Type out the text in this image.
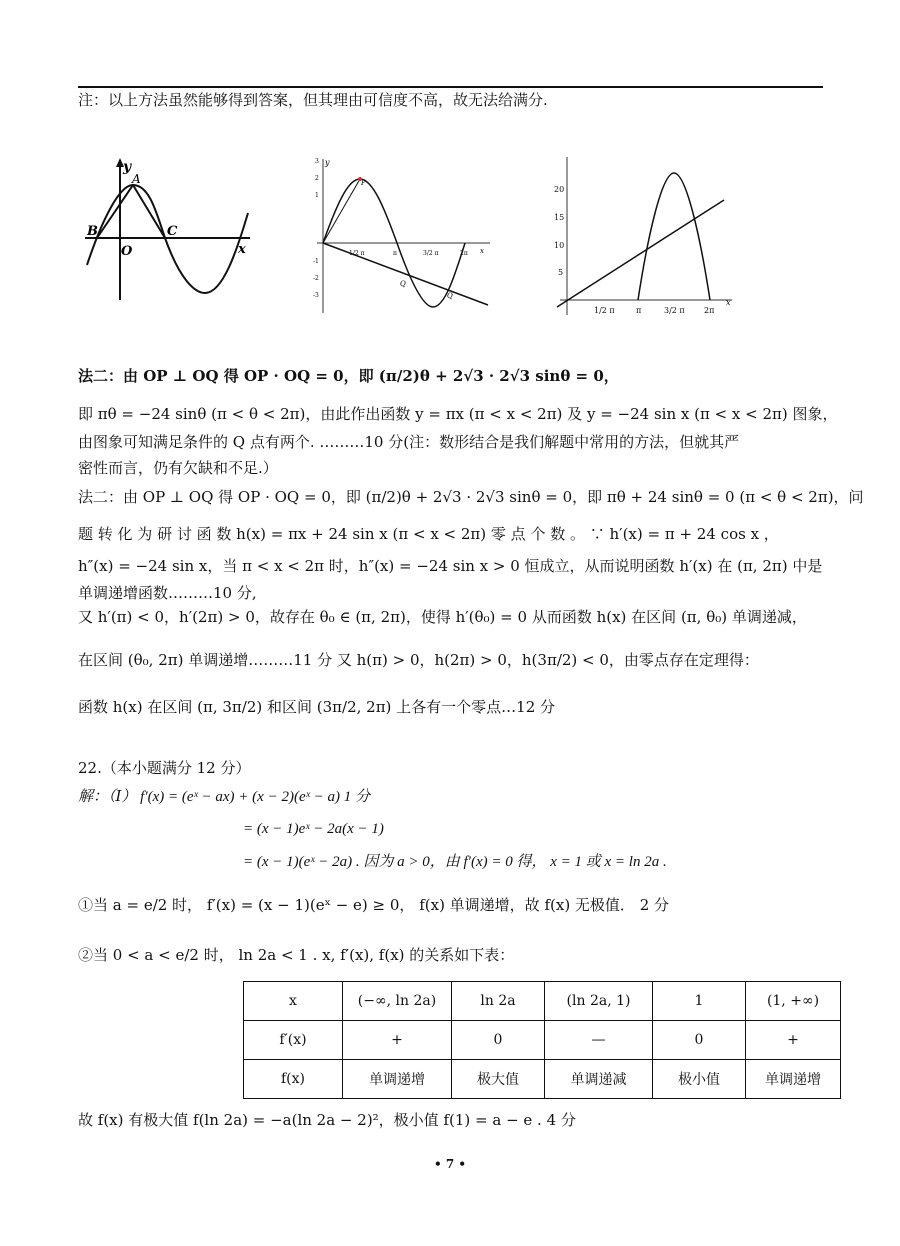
注：以上方法虽然能够得到答案，但其理由可信度不高，故无法给满分.
y
A
B
O
C
x
3
2
1
-1
-2
-3
y
P
Q
Q
x
1/2 π	π	3/2 π	2π
20
15
10
5
1/2 π	π	3/2 π 2π
x
法二：由 OP ⊥ OQ 得 OP · OQ = 0，即 (π/2)θ + 2√3 · 2√3 sinθ = 0，
即 πθ = −24 sinθ (π < θ < 2π)，由此作出函数 y = πx (π < x < 2π) 及 y = −24 sin x (π < x < 2π) 图象，
由图象可知满足条件的 Q 点有两个. ………10 分(注：数形结合是我们解题中常用的方法，但就其严
密性而言，仍有欠缺和不足.）
法二：由 OP ⊥ OQ 得 OP · OQ = 0，即 (π/2)θ + 2√3 · 2√3 sinθ = 0，即 πθ + 24 sinθ = 0 (π < θ < 2π)，问
题 转 化 为 研 讨 函 数 h(x) = πx + 24 sin x (π < x < 2π) 零 点 个 数 。 ∵ h′(x) = π + 24 cos x ，
h″(x) = −24 sin x，当 π < x < 2π 时，h″(x) = −24 sin x > 0 恒成立，从而说明函数 h′(x) 在 (π, 2π) 中是
单调递增函数………10 分,
又 h′(π) < 0，h′(2π) > 0，故存在 θ₀ ∈ (π, 2π)，使得 h′(θ₀) = 0 从而函数 h(x) 在区间 (π, θ₀) 单调递减，
在区间 (θ₀, 2π) 单调递增………11 分 又 h(π) > 0，h(2π) > 0，h(3π/2) < 0，由零点存在定理得：
函数 h(x) 在区间 (π, 3π/2) 和区间 (3π/2, 2π) 上各有一个零点…12 分
22.（本小题满分 12 分）
解：（Ⅰ） f′(x) = (eˣ − ax) + (x − 2)(eˣ − a) 1 分
= (x − 1)eˣ − 2a(x − 1)
= (x − 1)(eˣ − 2a) . 因为 a > 0，由 f′(x) = 0 得， x = 1 或 x = ln 2a .
①当 a = e/2 时， f′(x) = (x − 1)(eˣ − e) ≥ 0， f(x) 单调递增，故 f(x) 无极值． 2 分
②当 0 < a < e/2 时， ln 2a < 1 . x, f′(x), f(x) 的关系如下表：
x	(−∞, ln 2a)	ln 2a	(ln 2a, 1)	1	(1, +∞)
f′(x)	+	0	—	0	+
f(x)	单调递增	极大值	单调递减	极小值	单调递增
故 f(x) 有极大值 f(ln 2a) = −a(ln 2a − 2)²，极小值 f(1) = a − e . 4 分
• 7 •
